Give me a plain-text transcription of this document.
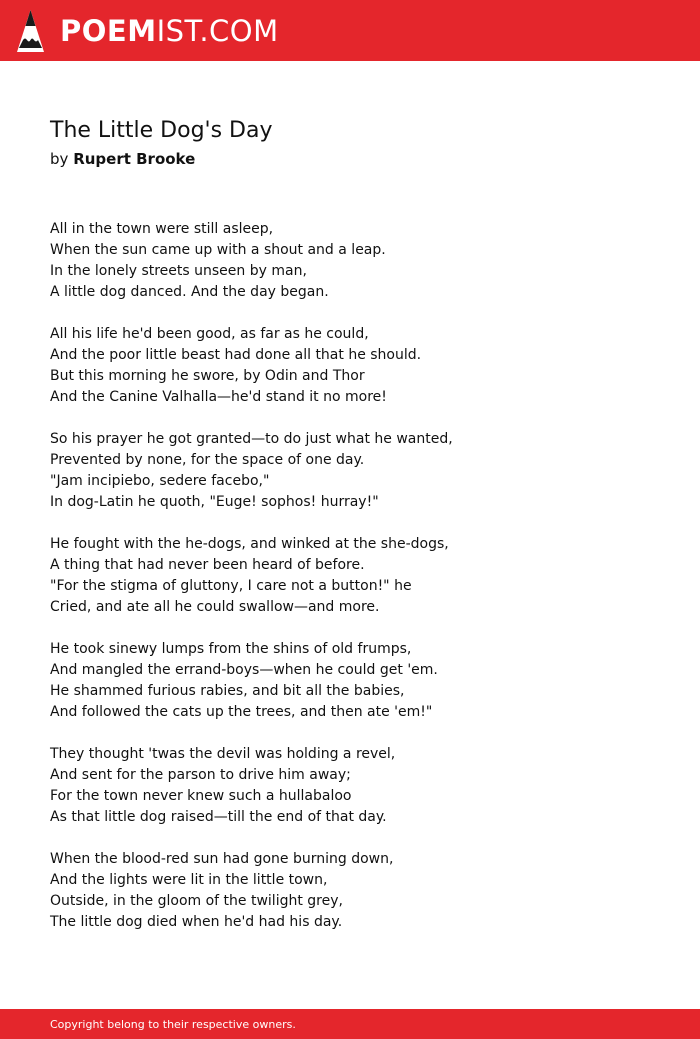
POEMIST.COM
The Little Dog's Day
by Rupert Brooke

All in the town were still asleep,
When the sun came up with a shout and a leap.
In the lonely streets unseen by man,
A little dog danced. And the day began.

All his life he'd been good, as far as he could,
And the poor little beast had done all that he should.
But this morning he swore, by Odin and Thor
And the Canine Valhalla—he'd stand it no more!

So his prayer he got granted—to do just what he wanted,
Prevented by none, for the space of one day.
"Jam incipiebo, sedere facebo,"
In dog-Latin he quoth, "Euge! sophos! hurray!"

He fought with the he-dogs, and winked at the she-dogs,
A thing that had never been heard of before.
"For the stigma of gluttony, I care not a button!" he
Cried, and ate all he could swallow—and more.

He took sinewy lumps from the shins of old frumps,
And mangled the errand-boys—when he could get 'em.
He shammed furious rabies, and bit all the babies,
And followed the cats up the trees, and then ate 'em!"

They thought 'twas the devil was holding a revel,
And sent for the parson to drive him away;
For the town never knew such a hullabaloo
As that little dog raised—till the end of that day.

When the blood-red sun had gone burning down,
And the lights were lit in the little town,
Outside, in the gloom of the twilight grey,
The little dog died when he'd had his day.

Copyright belong to their respective owners.
